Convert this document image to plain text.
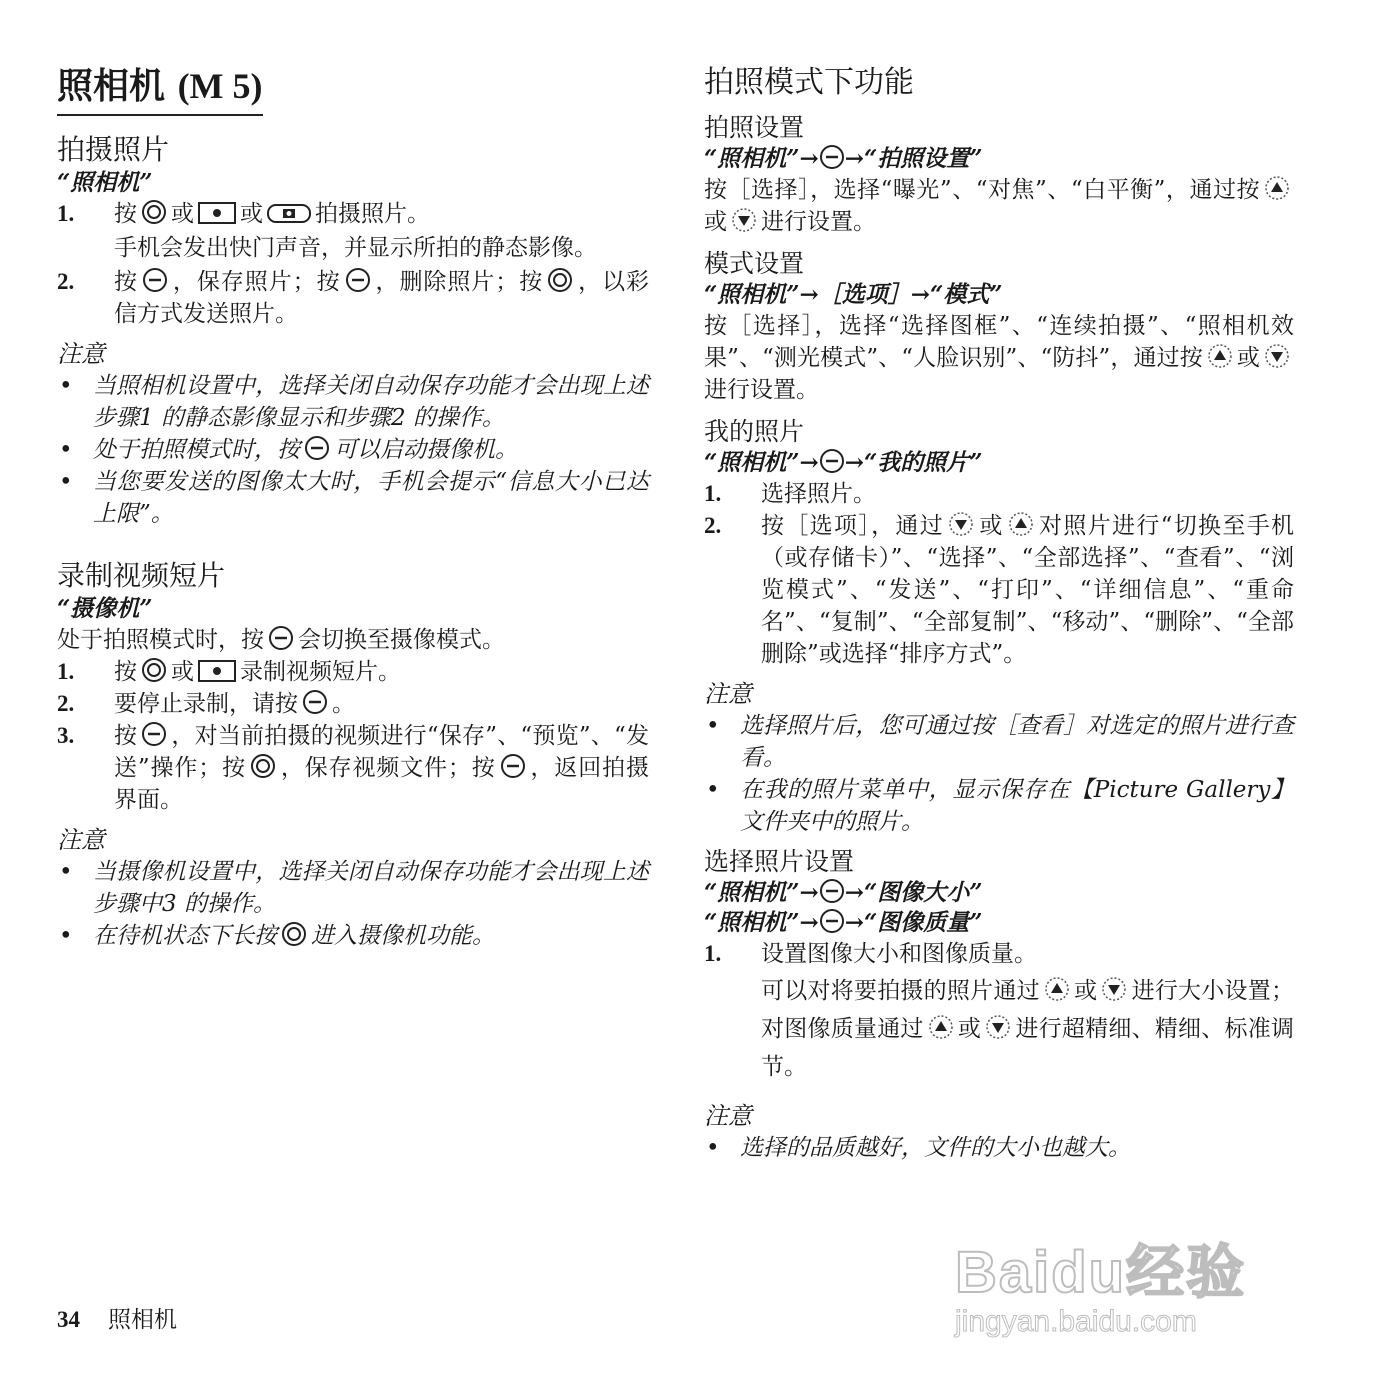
照相机 (M 5)
拍摄照片
“照相机”
1. 按 或 或 拍摄照片。
手机会发出快门声音，并显示所拍的静态影像。
2. 按 ，保存照片；按 ，删除照片；按 ，以彩信方式发送照片。
注意
• 当照相机设置中，选择关闭自动保存功能才会出现上述步骤1 的静态影像显示和步骤2 的操作。
• 处于拍照模式时，按 可以启动摄像机。
• 当您要发送的图像太大时，手机会提示“信息大小已达上限”。
录制视频短片
“摄像机”
处于拍照模式时，按 会切换至摄像模式。
1. 按 或 录制视频短片。
2. 要停止录制，请按 。
3. 按 ，对当前拍摄的视频进行“保存”、“预览”、“发送”操作；按 ，保存视频文件；按 ，返回拍摄界面。
注意
• 当摄像机设置中，选择关闭自动保存功能才会出现上述步骤中3 的操作。
• 在待机状态下长按 进入摄像机功能。
拍照模式下功能
拍照设置
“照相机”→ →“拍照设置”
按［选择］，选择“曝光”、“对焦”、“白平衡”，通过按或 进行设置。
模式设置
“照相机”→［选项］→“模式”
按［选择］，选择“选择图框”、“连续拍摄”、“照相机效果”、“测光模式”、“人脸识别”、“防抖”，通过按 或进行设置。
我的照片
“照相机”→ →“我的照片”
1. 选择照片。
2. 按［选项］，通过 或 对照片进行“切换至手机（或存储卡）”、“选择”、“全部选择”、“查看”、“浏览模式”、“发送”、“打印”、“详细信息”、“重命名”、“复制”、“全部复制”、“移动”、“删除”、“全部删除”或选择“排序方式”。
注意
• 选择照片后，您可通过按［查看］对选定的照片进行查看。
• 在我的照片菜单中，显示保存在【Picture Gallery】文件夹中的照片。
选择照片设置
“照相机”→ →“图像大小”
“照相机”→ →“图像质量”
1. 设置图像大小和图像质量。
可以对将要拍摄的照片通过 或 进行大小设置；对图像质量通过 或 进行超精细、精细、标准调节。
注意
• 选择的品质越好，文件的大小也越大。
34 照相机
Baidu经验
jingyan.baidu.com
